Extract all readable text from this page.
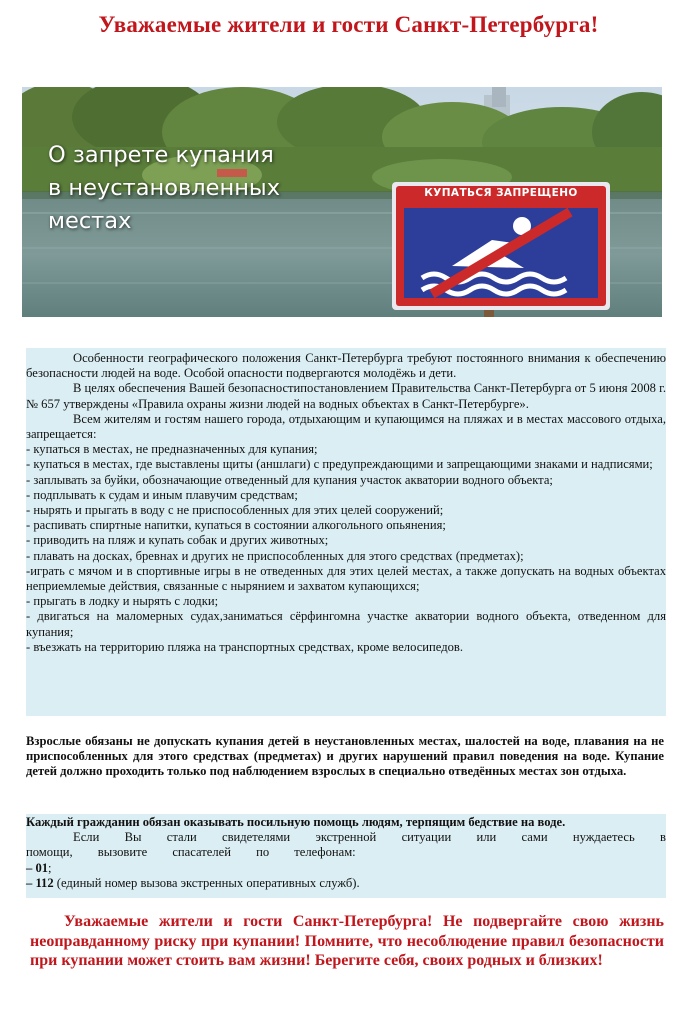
Уважаемые жители и гости Санкт-Петербурга!
О запрете купания
в неустановленных
местах
КУПАТЬСЯ ЗАПРЕЩЕНО

Особенности географического положения Санкт-Петербурга требуют постоянного внимания к обеспечению безопасности людей на воде. Особой опасности подвергаются молодёжь и дети.

В целях обеспечения Вашей безопасностипостановлением Правительства Санкт-Петербурга от 5 июня 2008 г. № 657 утверждены «Правила охраны жизни людей на водных объектах в Санкт-Петербурге».

Всем жителям и гостям нашего города, отдыхающим и купающимся на пляжах и в местах массового отдыха, запрещается:

- купаться в местах, не предназначенных для купания;

- купаться в местах, где выставлены щиты (аншлаги) с предупреждающими и запрещающими знаками и надписями;

- заплывать за буйки, обозначающие отведенный для купания участок акватории водного объекта;

- подплывать к судам и иным плавучим средствам;

- нырять и прыгать в воду с не приспособленных для этих целей сооружений;

- распивать спиртные напитки, купаться в состоянии алкогольного опьянения;

- приводить на пляж и купать собак и других животных;

- плавать на досках, бревнах и других не приспособленных для этого средствах (предметах);

-играть с мячом и в спортивные игры в не отведенных для этих целей местах, а также допускать на водных объектах неприемлемые действия, связанные с нырянием и захватом купающихся;

- прыгать в лодку и нырять с лодки;

- двигаться на маломерных судах,заниматься сёрфингомна участке акватории водного объекта, отведенном для купания;

- въезжать на территорию пляжа на транспортных средствах, кроме велосипедов.

Взрослые обязаны не допускать купания детей в неустановленных местах, шалостей на воде, плавания на не приспособленных для этого средствах (предметах) и других нарушений правил поведения на воде. Купание детей должно проходить только под наблюдением взрослых в специально отведённых местах зон отдыха.

Каждый гражданин обязан оказывать посильную помощь людям, терпящим бедствие на воде.

Если Вы стали свидетелями экстренной ситуации или сами нуждаетесь в помощи, вызовите спасателей по телефонам:

– 01;

– 112 (единый номер вызова экстренных оперативных служб).

Уважаемые жители и гости Санкт-Петербурга! Не подвергайте свою жизнь неоправданному риску при купании! Помните, что несоблюдение правил безопасности при купании может стоить вам жизни! Берегите себя, своих родных и близких!
